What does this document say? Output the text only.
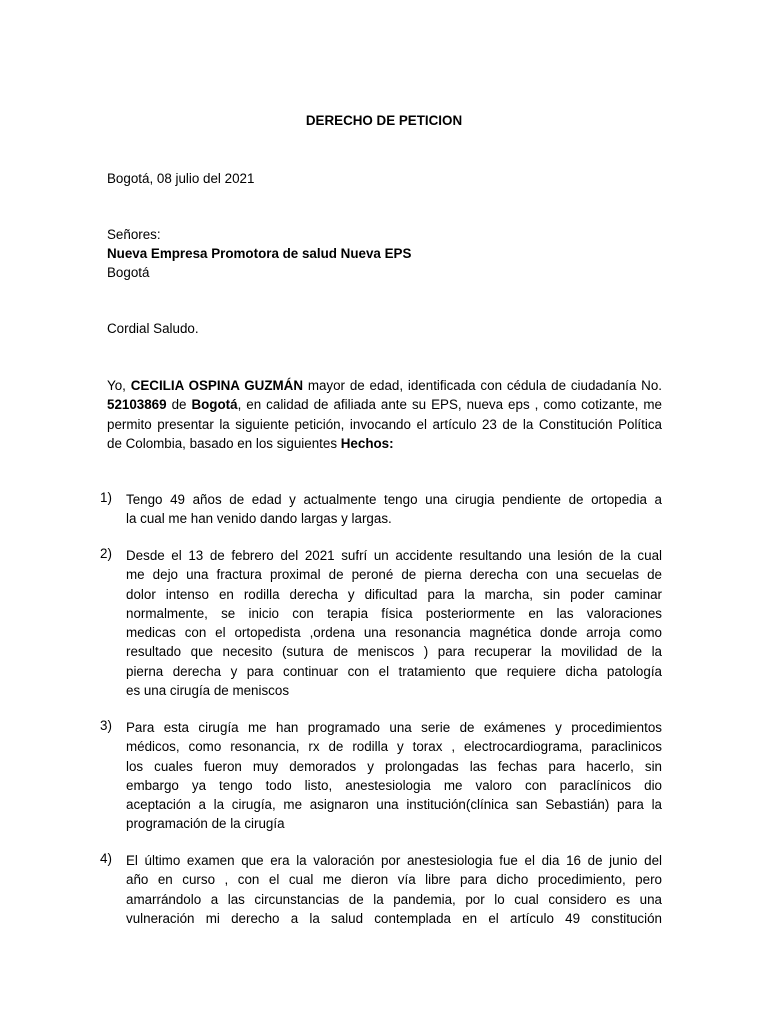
DERECHO DE PETICION
Bogotá, 08 julio del 2021
Señores:
Nueva Empresa Promotora de salud Nueva EPS
Bogotá
Cordial Saludo.
Yo, CECILIA OSPINA GUZMÁN mayor de edad, identificada con cédula de ciudadanía No.
52103869 de Bogotá, en calidad de afiliada ante su EPS, nueva eps , como cotizante, me
permito presentar la siguiente petición, invocando el artículo 23 de la Constitución Política
de Colombia, basado en los siguientes Hechos:
1) Tengo 49 años de edad y actualmente tengo una cirugia pendiente de ortopedia a
la cual me han venido dando largas y largas.
2) Desde el 13 de febrero del 2021 sufrí un accidente resultando una lesión de la cual
me dejo una fractura proximal de peroné de pierna derecha con una secuelas de
dolor intenso en rodilla derecha y dificultad para la marcha, sin poder caminar
normalmente, se inicio con terapia física posteriormente en las valoraciones
medicas con el ortopedista ,ordena una resonancia magnética donde arroja como
resultado que necesito (sutura de meniscos ) para recuperar la movilidad de la
pierna derecha y para continuar con el tratamiento que requiere dicha patología
es una cirugía de meniscos
3) Para esta cirugía me han programado una serie de exámenes y procedimientos
médicos, como resonancia, rx de rodilla y torax , electrocardiograma, paraclinicos
los cuales fueron muy demorados y prolongadas las fechas para hacerlo, sin
embargo ya tengo todo listo, anestesiologia me valoro con paraclínicos dio
aceptación a la cirugía, me asignaron una institución(clínica san Sebastián) para la
programación de la cirugía
4) El último examen que era la valoración por anestesiologia fue el dia 16 de junio del
año en curso , con el cual me dieron vía libre para dicho procedimiento, pero
amarrándolo a las circunstancias de la pandemia, por lo cual considero es una
vulneración mi derecho a la salud contemplada en el artículo 49 constitución
